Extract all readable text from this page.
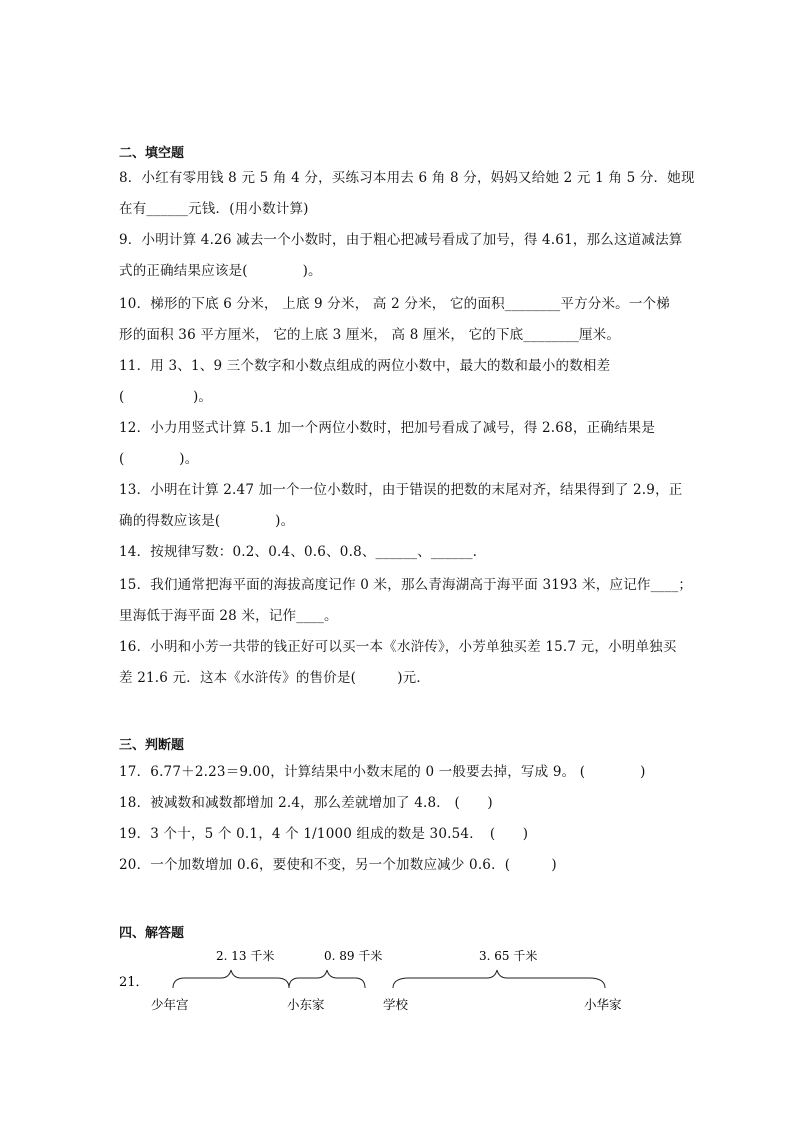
二、填空题
8．小红有零用钱 8 元 5 角 4 分，买练习本用去 6 角 8 分，妈妈又给她 2 元 1 角 5 分．她现
在有______元钱．(用小数计算)
9．小明计算 4.26 减去一个小数时，由于粗心把减号看成了加号，得 4.61，那么这道减法算
式的正确结果应该是(　　　　)。
10．梯形的下底 6 分米， 上底 9 分米， 高 2 分米， 它的面积________平方分米。一个梯
形的面积 36 平方厘米， 它的上底 3 厘米， 高 8 厘米， 它的下底________厘米。
11．用 3、1、9 三个数字和小数点组成的两位小数中，最大的数和最小的数相差
(　　　　　)。
12．小力用竖式计算 5.1 加一个两位小数时，把加号看成了减号，得 2.68，正确结果是
(　　　　)。
13．小明在计算 2.47 加一个一位小数时，由于错误的把数的末尾对齐，结果得到了 2.9，正
确的得数应该是(　　　　)。
14．按规律写数：0.2、0.4、0.6、0.8、______、______.
15．我们通常把海平面的海拔高度记作 0 米，那么青海湖高于海平面 3193 米，应记作____；
里海低于海平面 28 米，记作____。
16．小明和小芳一共带的钱正好可以买一本《水浒传》，小芳单独买差 15.7 元，小明单独买
差 21.6 元．这本《水浒传》的售价是(　　　)元．
三、判断题
17．6.77＋2.23＝9.00，计算结果中小数末尾的 0 一般要去掉，写成 9。 (　　　　)
18．被减数和减数都增加 2.4，那么差就增加了 4.8． (　　)
19．3 个十，5 个 0.1，4 个 1/1000 组成的数是 30.54．　(　　)
20．一个加数增加 0.6，要使和不变，另一个加数应减少 0.6．(　　　)
四、解答题
21．
2. 13 千米	0. 89 千米	3. 65 千米
少年宫	小东家	学校	小华家
